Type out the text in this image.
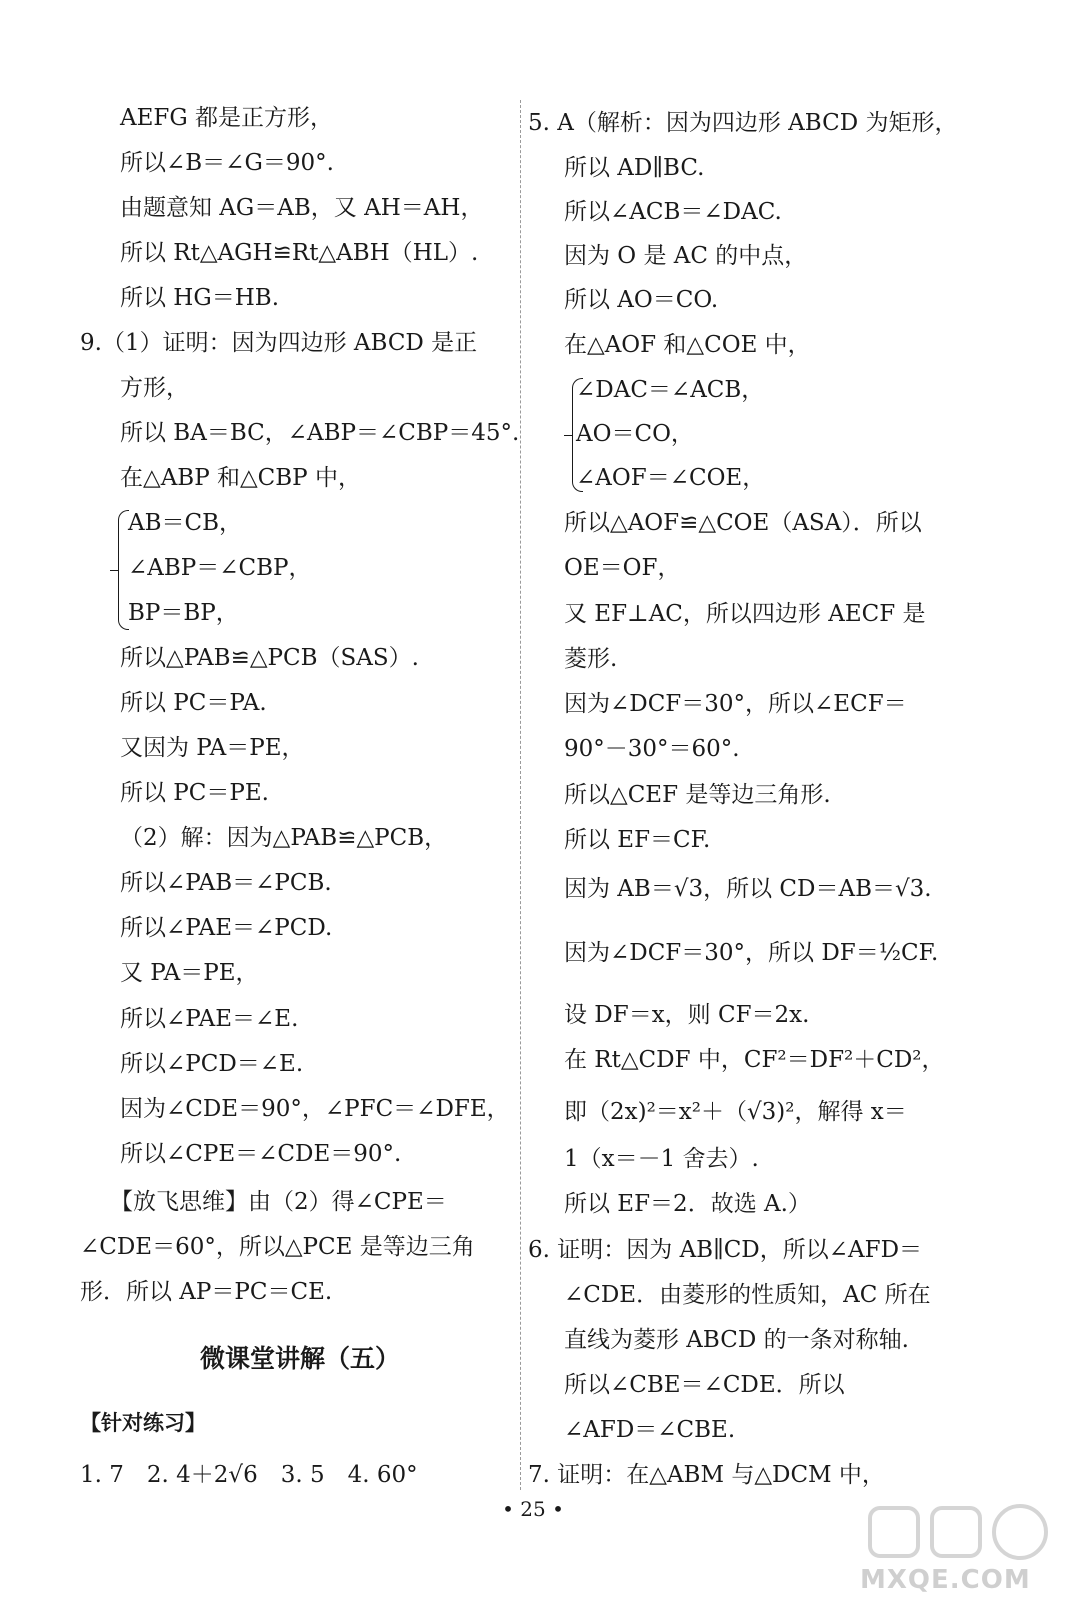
AEFG 都是正方形，
所以∠B＝∠G＝90°.
由题意知 AG＝AB，又 AH＝AH，
所以 Rt△AGH≌Rt△ABH（HL）.
所以 HG＝HB.
9.（1）证明：因为四边形 ABCD 是正
方形，
所以 BA＝BC，∠ABP＝∠CBP＝45°.
在△ABP 和△CBP 中，
AB＝CB，
∠ABP＝∠CBP，
BP＝BP，
所以△PAB≌△PCB（SAS）.
所以 PC＝PA.
又因为 PA＝PE，
所以 PC＝PE.
（2）解：因为△PAB≌△PCB，
所以∠PAB＝∠PCB.
所以∠PAE＝∠PCD.
又 PA＝PE，
所以∠PAE＝∠E.
所以∠PCD＝∠E.
因为∠CDE＝90°，∠PFC＝∠DFE，
所以∠CPE＝∠CDE＝90°.
【放飞思维】由（2）得∠CPE＝
∠CDE＝60°，所以△PCE 是等边三角
形．所以 AP＝PC＝CE.
微课堂讲解（五）
【针对练习】
1. 7　2. 4＋2√6　3. 5　4. 60°
5. A（解析：因为四边形 ABCD 为矩形，
所以 AD∥BC.
所以∠ACB＝∠DAC.
因为 O 是 AC 的中点，
所以 AO＝CO.
在△AOF 和△COE 中，
∠DAC＝∠ACB，
AO＝CO，
∠AOF＝∠COE，
所以△AOF≌△COE（ASA）．所以
OE＝OF，
又 EF⊥AC，所以四边形 AECF 是
菱形.
因为∠DCF＝30°，所以∠ECF＝
90°－30°＝60°.
所以△CEF 是等边三角形.
所以 EF＝CF.
因为 AB＝√3，所以 CD＝AB＝√3.
因为∠DCF＝30°，所以 DF＝½CF.
设 DF＝x，则 CF＝2x.
在 Rt△CDF 中，CF²＝DF²＋CD²，
即（2x)²＝x²＋（√3)²，解得 x＝
1（x＝－1 舍去）.
所以 EF＝2．故选 A.）
6. 证明：因为 AB∥CD，所以∠AFD＝
∠CDE．由菱形的性质知，AC 所在
直线为菱形 ABCD 的一条对称轴.
所以∠CBE＝∠CDE．所以
∠AFD＝∠CBE.
7. 证明：在△ABM 与△DCM 中，
• 25 •
MXQE.COM
